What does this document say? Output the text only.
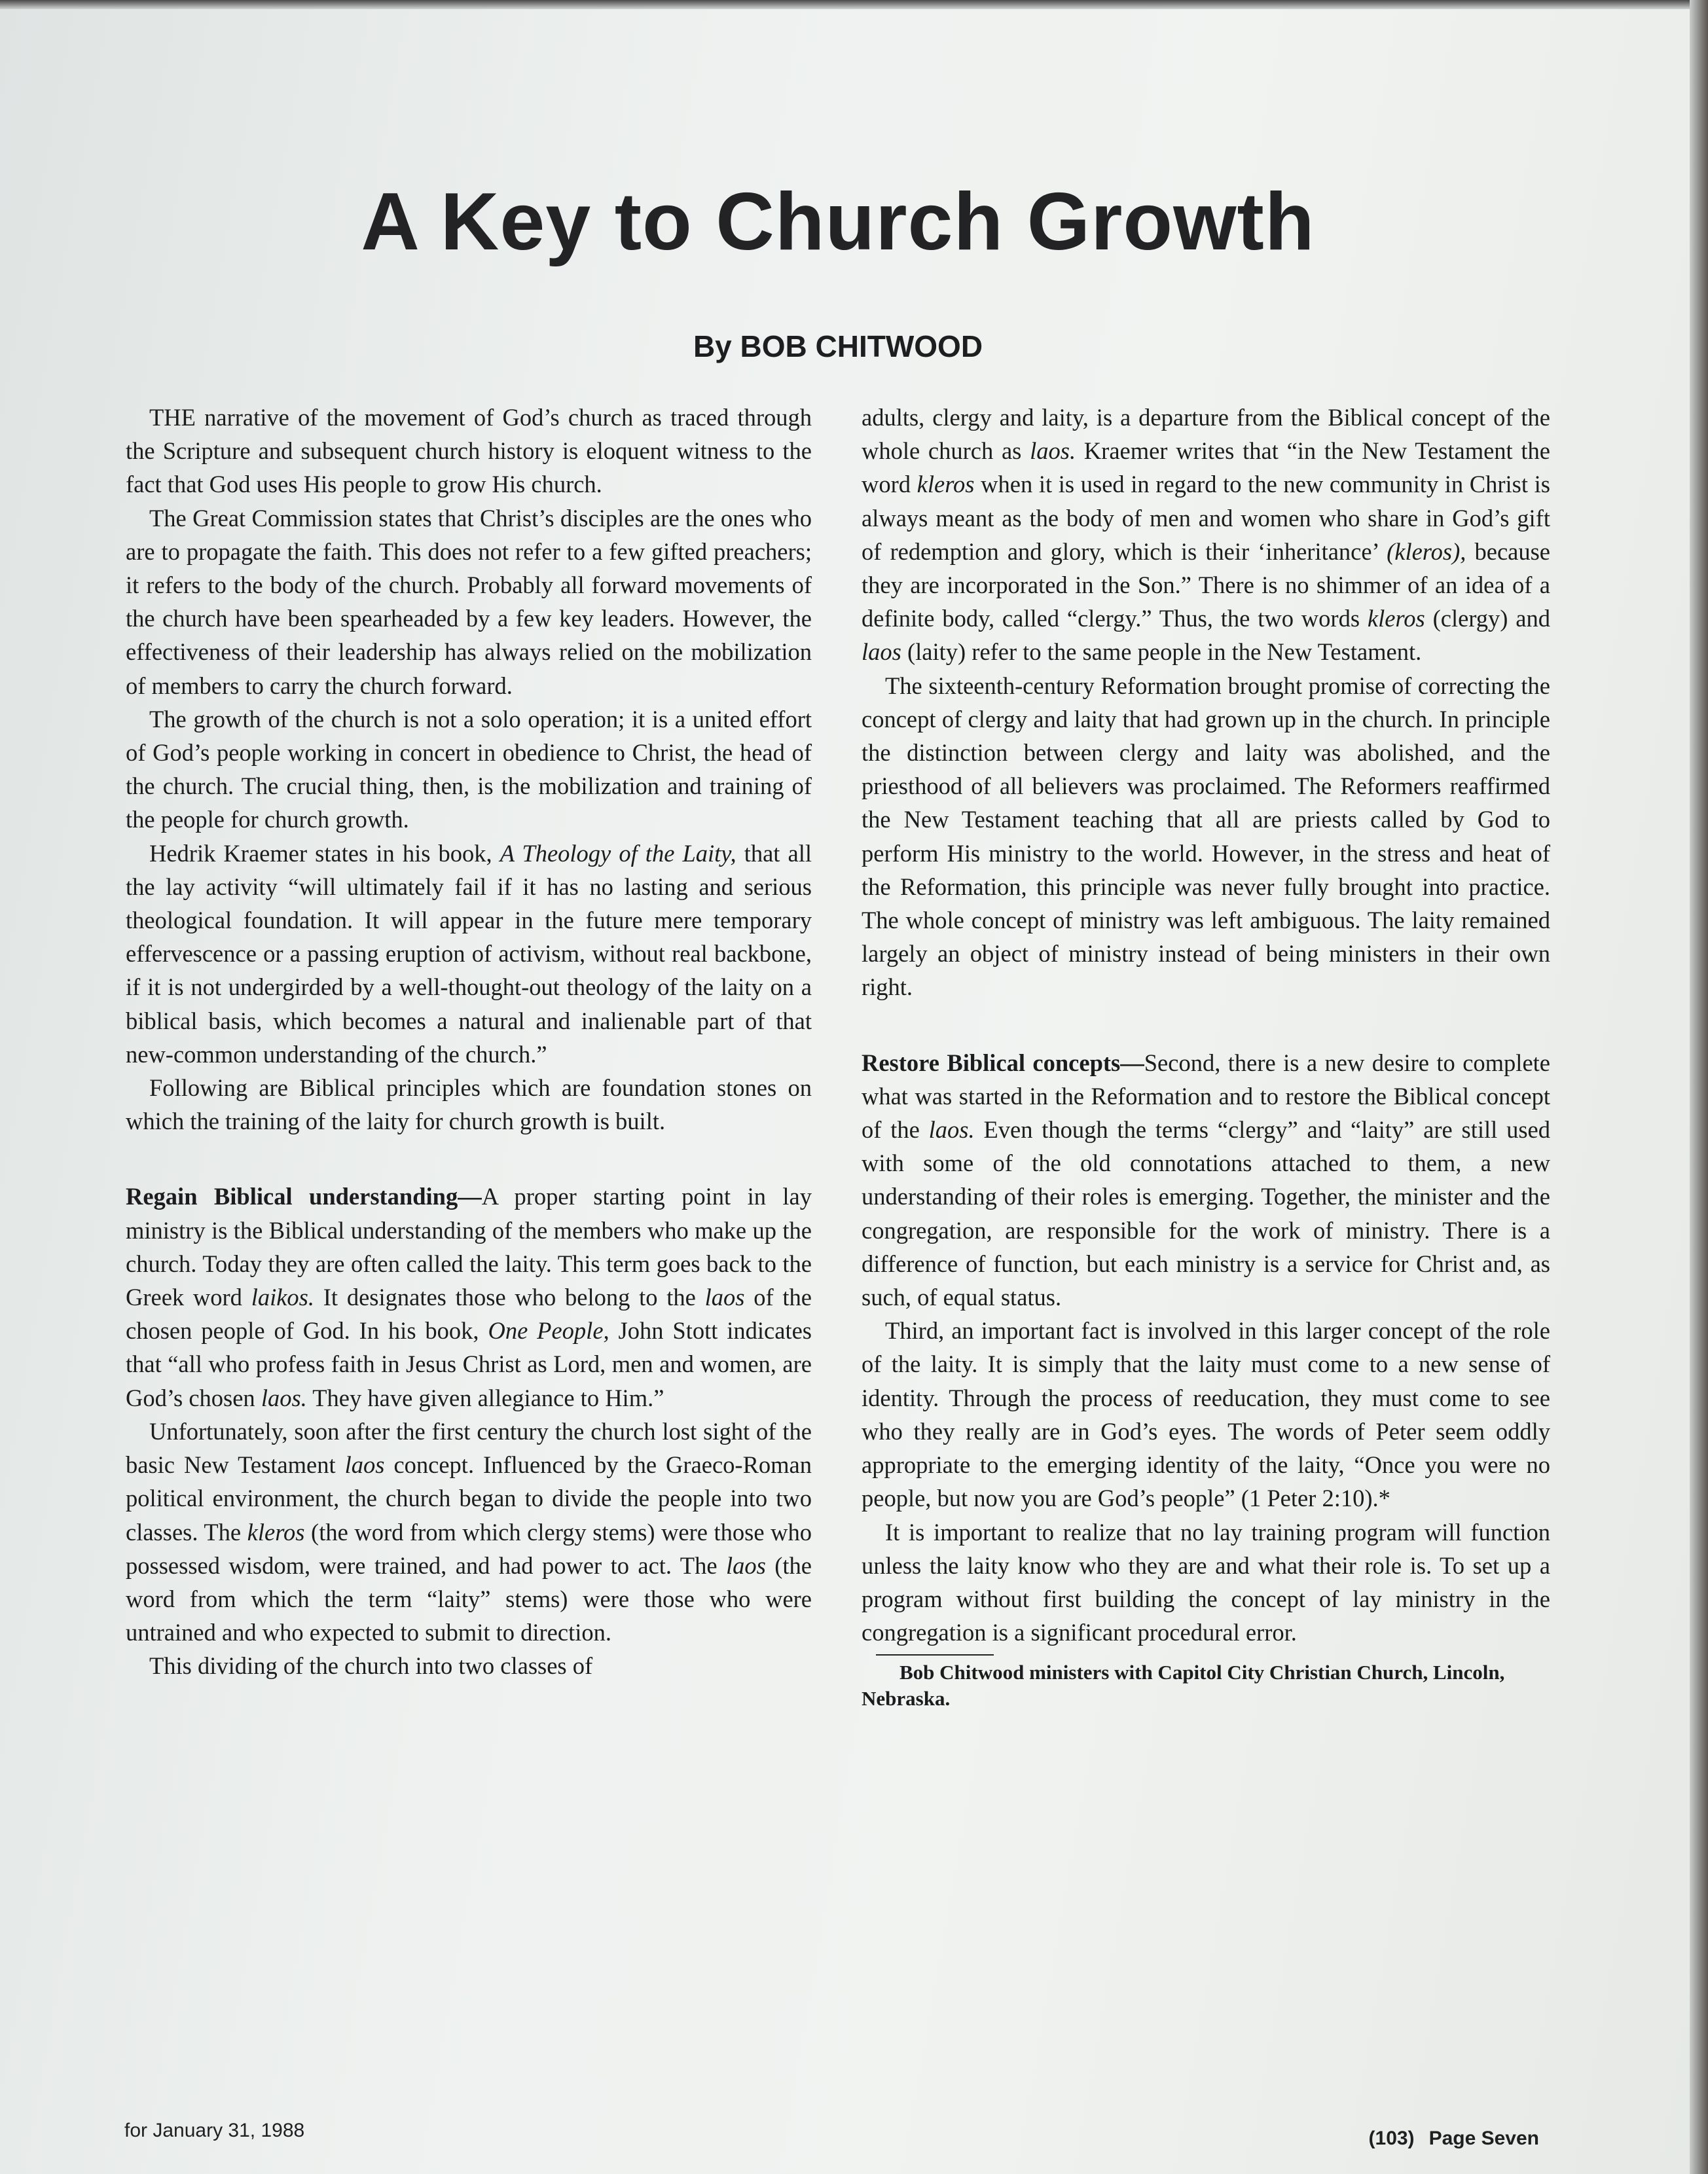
A Key to Church Growth
By BOB CHITWOOD

THE narrative of the movement of God’s church as traced through the Scripture and subsequent church history is eloquent witness to the fact that God uses His people to grow His church.

The Great Commission states that Christ’s disciples are the ones who are to propagate the faith. This does not refer to a few gifted preachers; it refers to the body of the church. Probably all forward movements of the church have been spearheaded by a few key leaders. However, the effectiveness of their leadership has always relied on the mobilization of members to carry the church forward.

The growth of the church is not a solo operation; it is a united effort of God’s people working in concert in obedience to Christ, the head of the church. The crucial thing, then, is the mobilization and training of the people for church growth.

Hedrik Kraemer states in his book, A Theology of the Laity, that all the lay activity “will ultimately fail if it has no lasting and serious theological foundation. It will appear in the future mere temporary effervescence or a passing eruption of activism, without real backbone, if it is not undergirded by a well-thought-out theology of the laity on a biblical basis, which becomes a natural and inalienable part of that new-common understanding of the church.”

Following are Biblical principles which are foundation stones on which the training of the laity for church growth is built.

Regain Biblical understanding—A proper starting point in lay ministry is the Biblical understanding of the members who make up the church. Today they are often called the laity. This term goes back to the Greek word laikos. It designates those who belong to the laos of the chosen people of God. In his book, One People, John Stott indicates that “all who profess faith in Jesus Christ as Lord, men and women, are God’s chosen laos. They have given allegiance to Him.”

Unfortunately, soon after the first century the church lost sight of the basic New Testament laos concept. Influenced by the Graeco-Roman political environment, the church began to divide the people into two classes. The kleros (the word from which clergy stems) were those who possessed wisdom, were trained, and had power to act. The laos (the word from which the term “laity” stems) were those who were untrained and who expected to submit to direction.

This dividing of the church into two classes of

adults, clergy and laity, is a departure from the Biblical concept of the whole church as laos. Kraemer writes that “in the New Testament the word kleros when it is used in regard to the new community in Christ is always meant as the body of men and women who share in God’s gift of redemption and glory, which is their ‘inheritance’ (kleros), because they are incorporated in the Son.” There is no shimmer of an idea of a definite body, called “clergy.” Thus, the two words kleros (clergy) and laos (laity) refer to the same people in the New Testament.

The sixteenth-century Reformation brought promise of correcting the concept of clergy and laity that had grown up in the church. In principle the distinction between clergy and laity was abolished, and the priesthood of all believers was proclaimed. The Reformers reaffirmed the New Testament teaching that all are priests called by God to perform His ministry to the world. However, in the stress and heat of the Reformation, this principle was never fully brought into practice. The whole concept of ministry was left ambiguous. The laity remained largely an object of ministry instead of being ministers in their own right.

Restore Biblical concepts—Second, there is a new desire to complete what was started in the Reformation and to restore the Biblical concept of the laos. Even though the terms “clergy” and “laity” are still used with some of the old connotations attached to them, a new understanding of their roles is emerging. Together, the minister and the congregation, are responsible for the work of ministry. There is a difference of function, but each ministry is a service for Christ and, as such, of equal status.

Third, an important fact is involved in this larger concept of the role of the laity. It is simply that the laity must come to a new sense of identity. Through the process of reeducation, they must come to see who they really are in God’s eyes. The words of Peter seem oddly appropriate to the emerging identity of the laity, “Once you were no people, but now you are God’s people” (1 Peter 2:10).*

It is important to realize that no lay training program will function unless the laity know who they are and what their role is. To set up a program without first building the concept of lay ministry in the congregation is a significant procedural error.

Bob Chitwood ministers with Capitol City Christian Church, Lincoln, Nebraska.

for January 31, 1988	(103) Page Seven
